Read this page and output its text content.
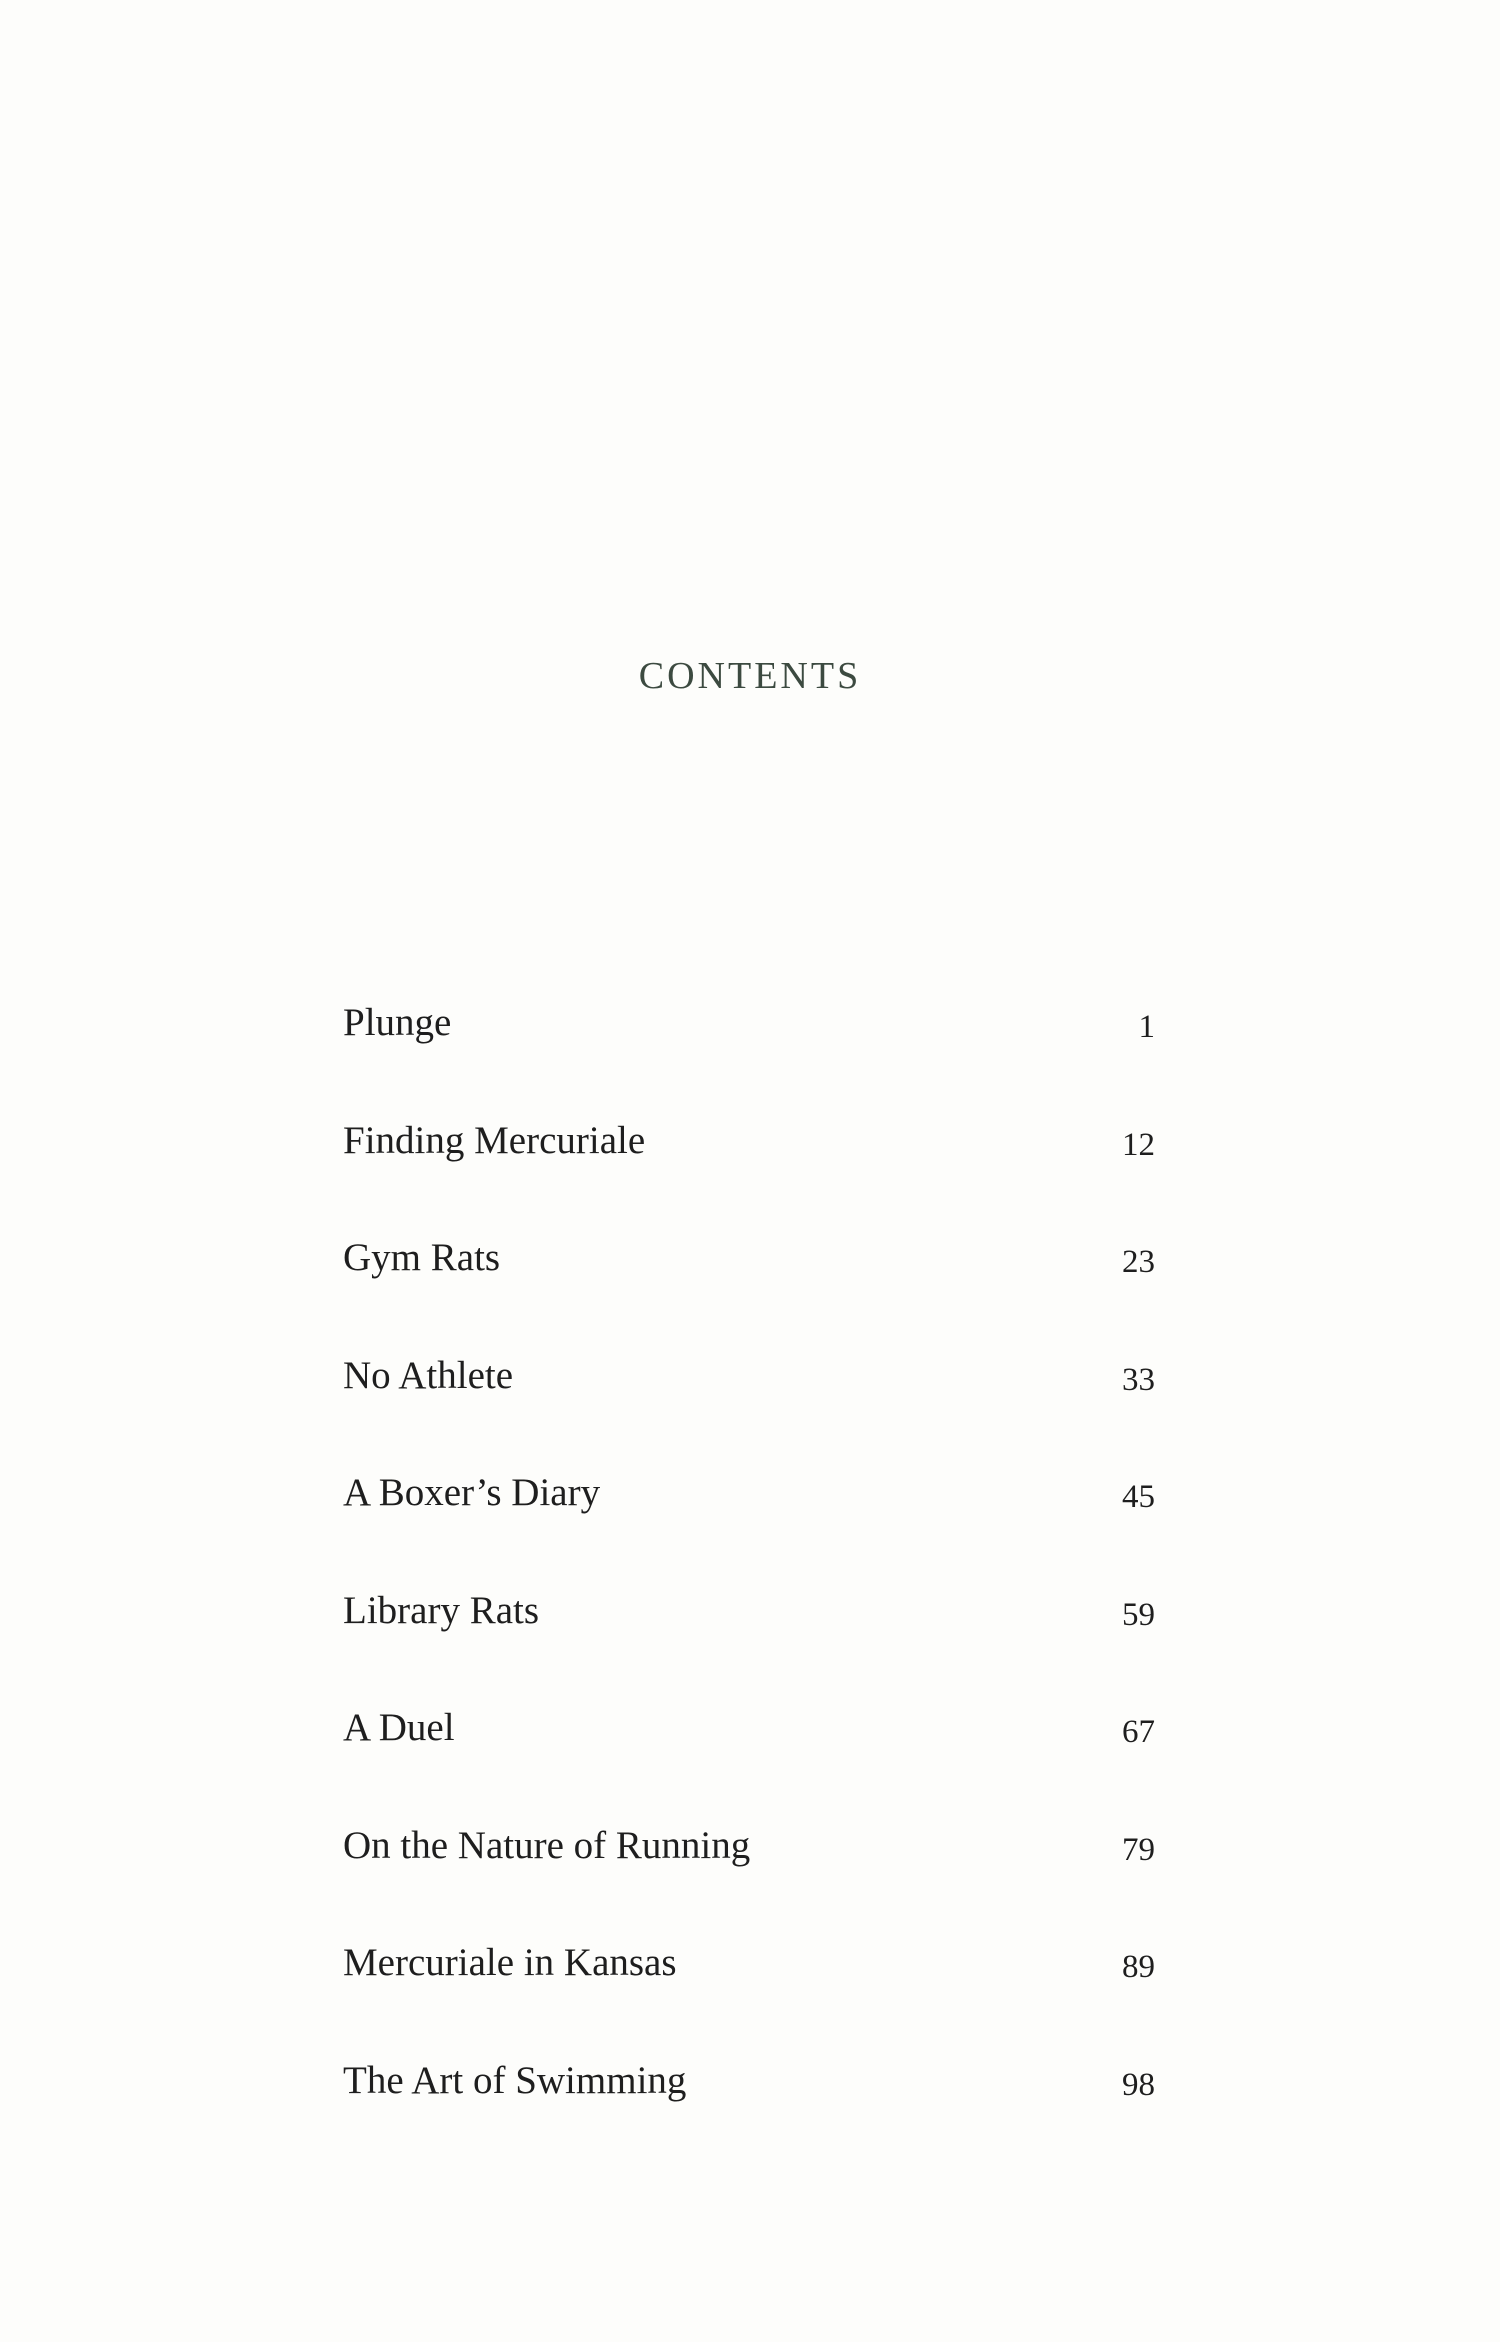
CONTENTS
Plunge	1
Finding Mercuriale	12
Gym Rats	23
No Athlete	33
A Boxer’s Diary	45
Library Rats	59
A Duel	67
On the Nature of Running	79
Mercuriale in Kansas	89
The Art of Swimming	98
